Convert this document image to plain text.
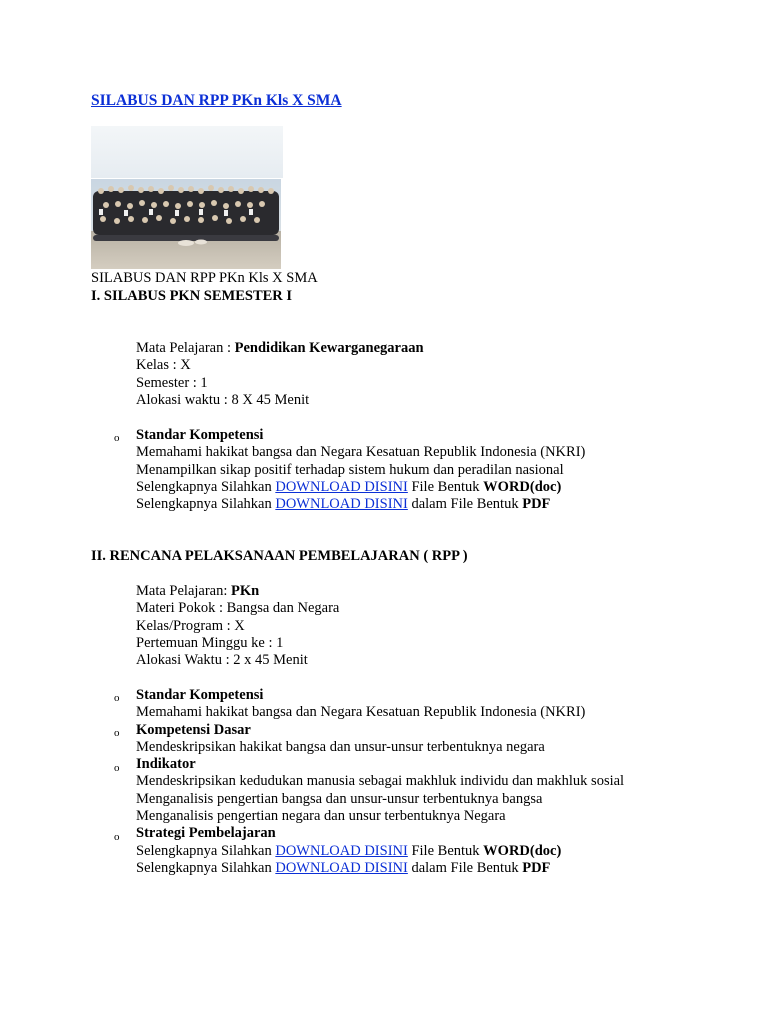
SILABUS DAN RPP PKn Kls X SMA
SILABUS DAN RPP PKn Kls X SMA
I. SILABUS PKN SEMESTER I
Mata Pelajaran : Pendidikan Kewarganegaraan
Kelas : X
Semester : 1
Alokasi waktu : 8 X 45 Menit
o Standar Kompetensi
Memahami hakikat bangsa dan Negara Kesatuan Republik Indonesia (NKRI)
Menampilkan sikap positif terhadap sistem hukum dan peradilan nasional
Selengkapnya Silahkan DOWNLOAD DISINI File Bentuk WORD(doc)
Selengkapnya Silahkan DOWNLOAD DISINI dalam File Bentuk PDF
II. RENCANA PELAKSANAAN PEMBELAJARAN ( RPP )
Mata Pelajaran: PKn
Materi Pokok : Bangsa dan Negara
Kelas/Program : X
Pertemuan Minggu ke : 1
Alokasi Waktu : 2 x 45 Menit
o
o
o
o
Standar Kompetensi
Memahami hakikat bangsa dan Negara Kesatuan Republik Indonesia (NKRI)
Kompetensi Dasar
Mendeskripsikan hakikat bangsa dan unsur-unsur terbentuknya negara
Indikator
Mendeskripsikan kedudukan manusia sebagai makhluk individu dan makhluk sosial
Menganalisis pengertian bangsa dan unsur-unsur terbentuknya bangsa
Menganalisis pengertian negara dan unsur terbentuknya Negara
Strategi Pembelajaran
Selengkapnya Silahkan DOWNLOAD DISINI File Bentuk WORD(doc)
Selengkapnya Silahkan DOWNLOAD DISINI dalam File Bentuk PDF
